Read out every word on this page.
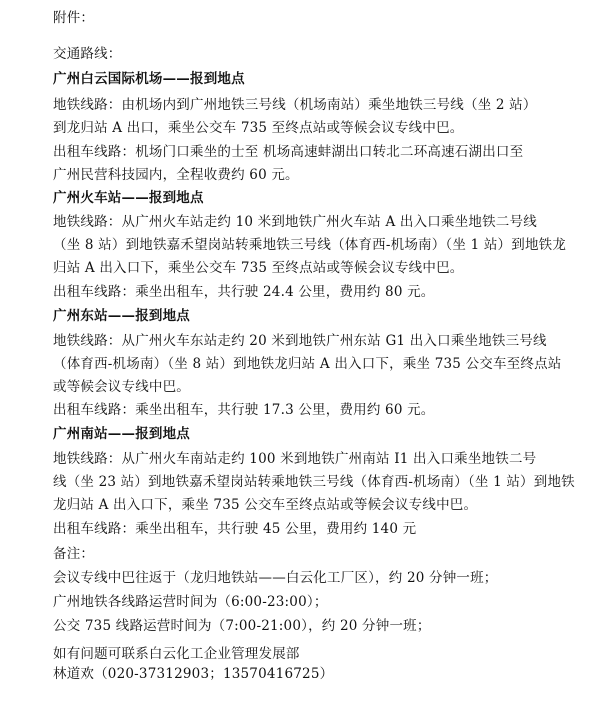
附件：
交通路线：
广州白云国际机场——报到地点
地铁线路：由机场内到广州地铁三号线（机场南站）乘坐地铁三号线（坐 2 站）
到龙归站 A 出口，乘坐公交车 735 至终点站或等候会议专线中巴。
出租车线路：机场门口乘坐的士至 机场高速蚌湖出口转北二环高速石湖出口至
广州民营科技园内，全程收费约 60 元。
广州火车站——报到地点
地铁线路：从广州火车站走约 10 米到地铁广州火车站 A 出入口乘坐地铁二号线
（坐 8 站）到地铁嘉禾望岗站转乘地铁三号线（体育西-机场南）（坐 1 站）到地铁龙
归站 A 出入口下，乘坐公交车 735 至终点站或等候会议专线中巴。
出租车线路：乘坐出租车，共行驶 24.4 公里，费用约 80 元。
广州东站——报到地点
地铁线路：从广州火车东站走约 20 米到地铁广州东站 G1 出入口乘坐地铁三号线
（体育西-机场南）（坐 8 站）到地铁龙归站 A 出入口下，乘坐 735 公交车至终点站
或等候会议专线中巴。
出租车线路：乘坐出租车，共行驶 17.3 公里，费用约 60 元。
广州南站——报到地点
地铁线路：从广州火车南站走约 100 米到地铁广州南站 I1 出入口乘坐地铁二号
线（坐 23 站）到地铁嘉禾望岗站转乘地铁三号线（体育西-机场南）（坐 1 站）到地铁
龙归站 A 出入口下，乘坐 735 公交车至终点站或等候会议专线中巴。
出租车线路：乘坐出租车，共行驶 45 公里，费用约 140 元
备注：
会议专线中巴往返于（龙归地铁站——白云化工厂区），约 20 分钟一班；
广州地铁各线路运营时间为（6:00-23:00）；
公交 735 线路运营时间为（7:00-21:00），约 20 分钟一班；
如有问题可联系白云化工企业管理发展部
林道欢（020-37312903；13570416725）
